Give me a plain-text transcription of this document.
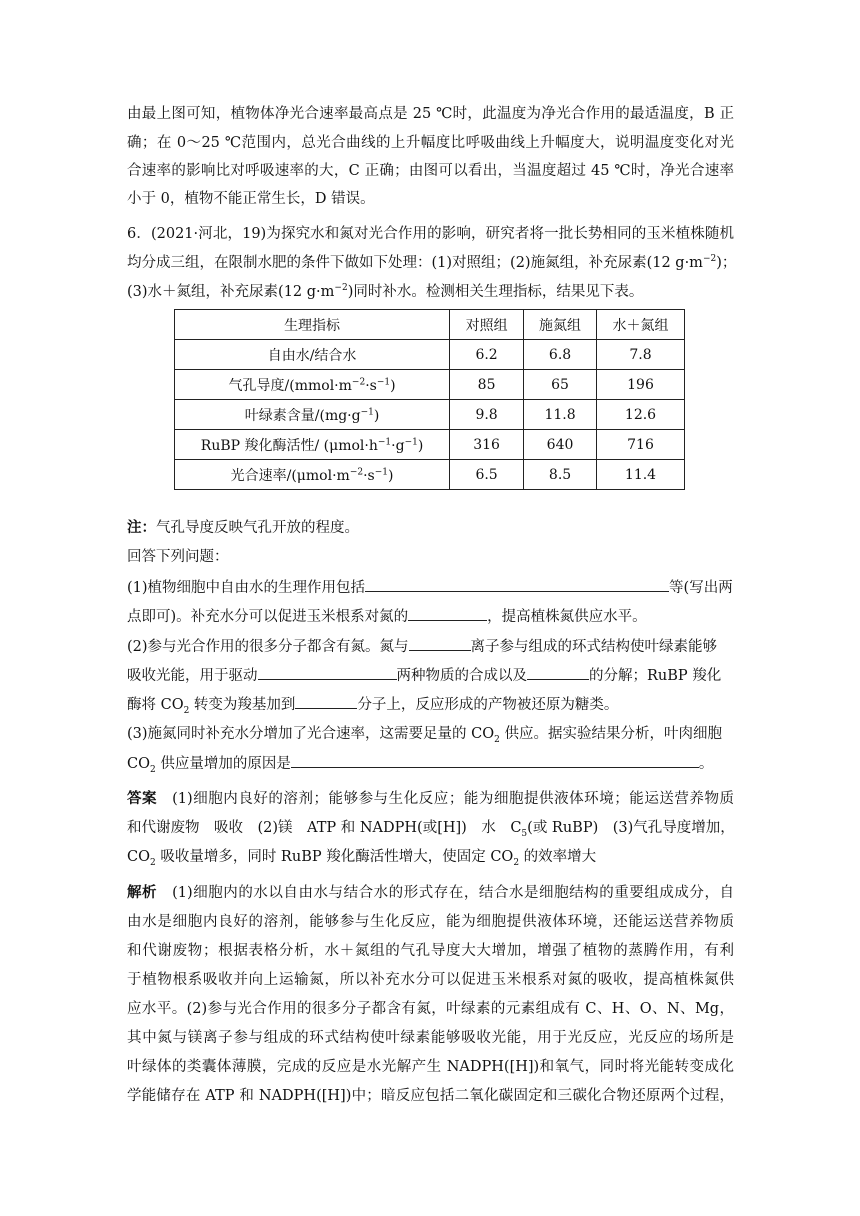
由最上图可知，植物体净光合速率最高点是 25 ℃时，此温度为净光合作用的最适温度，B 正
确；在 0～25 ℃范围内，总光合曲线的上升幅度比呼吸曲线上升幅度大，说明温度变化对光
合速率的影响比对呼吸速率的大，C 正确；由图可以看出，当温度超过 45 ℃时，净光合速率
小于 0，植物不能正常生长，D 错误。
6．(2021·河北，19)为探究水和氮对光合作用的影响，研究者将一批长势相同的玉米植株随机
均分成三组，在限制水肥的条件下做如下处理：(1)对照组；(2)施氮组，补充尿素(12 $g\cdot m^{-2}$)；
(3)水＋氮组，补充尿素(12 $g\cdot m^{-2}$)同时补水。检测相关生理指标，结果见下表。
生理指标	对照组	施氮组	水＋氮组
自由水/结合水	6.2	6.8	7.8
气孔导度$/(mmol\cdot m^{-2}\cdot s^{-1})$	85	65	196
叶绿素含量$/(mg\cdot g^{-1})$	9.8	11.8	12.6
RuBP 羧化酶活性/ $(\mu mol\cdot h^{-1}\cdot g^{-1})$	316	640	716
光合速率$/(\mu mol\cdot m^{-2}\cdot s^{-1})$	6.5	8.5	11.4
注：气孔导度反映气孔开放的程度。
回答下列问题：
(1)植物细胞中自由水的生理作用包括	等(写出两
点即可)。补充水分可以促进玉米根系对氮的	，提高植株氮供应水平。
(2)参与光合作用的很多分子都含有氮。氮与	离子参与组成的环式结构使叶绿素能够
吸收光能，用于驱动	两种物质的合成以及	的分解；RuBP 羧化
酶将 $CO_2$ 转变为羧基加到	分子上，反应形成的产物被还原为糖类。
(3)施氮同时补充水分增加了光合速率，这需要足量的 $CO_2$ 供应。据实验结果分析，叶肉细胞
$CO_2$ 供应量增加的原因是	。
答案　 (1)细胞内良好的溶剂；能够参与生化反应；能为细胞提供液体环境；能运送营养物质
和代谢废物　吸收　(2)镁　ATP 和 NADPH(或[H])　水　$C_5$(或 RuBP)　(3)气孔导度增加，
$CO_2$ 吸收量增多，同时 RuBP 羧化酶活性增大，使固定 $CO_2$ 的效率增大
解析　 (1)细胞内的水以自由水与结合水的形式存在，结合水是细胞结构的重要组成成分，自
由水是细胞内良好的溶剂，能够参与生化反应，能为细胞提供液体环境，还能运送营养物质
和代谢废物；根据表格分析，水＋氮组的气孔导度大大增加，增强了植物的蒸腾作用，有利
于植物根系吸收并向上运输氮，所以补充水分可以促进玉米根系对氮的吸收，提高植株氮供
应水平。(2)参与光合作用的很多分子都含有氮，叶绿素的元素组成有 C、H、O、N、Mg，
其中氮与镁离子参与组成的环式结构使叶绿素能够吸收光能，用于光反应，光反应的场所是
叶绿体的类囊体薄膜，完成的反应是水光解产生 NADPH([H])和氧气，同时将光能转变成化
学能储存在 ATP 和 NADPH([H])中；暗反应包括二氧化碳固定和三碳化合物还原两个过程，
